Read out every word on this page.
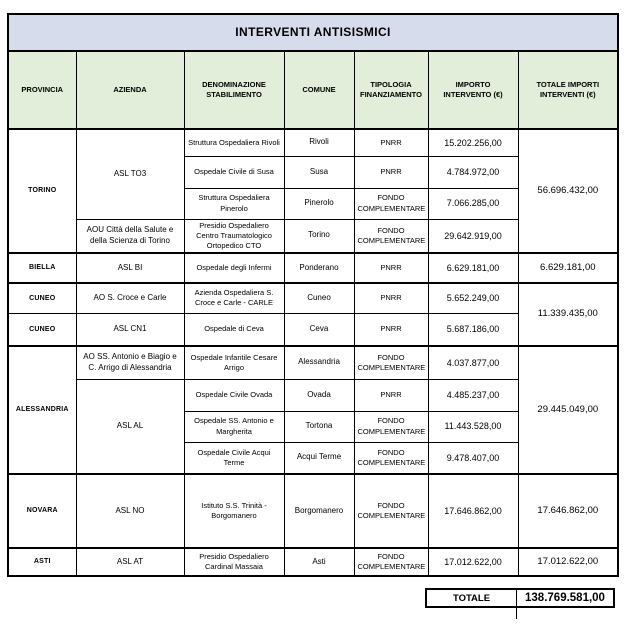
INTERVENTI ANTISISMICI						
PROVINCIA	AZIENDA	DENOMINAZIONE STABILIMENTO	COMUNE	TIPOLOGIA FINANZIAMENTO	IMPORTO INTERVENTO (€)	TOTALE IMPORTI INTERVENTI (€)
TORINO	ASL TO3	Struttura Ospedaliera Rivoli	Rivoli	PNRR	15.202.256,00	56.696.432,00
		Ospedale Civile di Susa	Susa	PNRR	4.784.972,00	
		Struttura Ospedaliera Pinerolo	Pinerolo	FONDO COMPLEMENTARE	7.066.285,00	
	AOU Città della Salute e della Scienza di Torino	Presidio Ospedaliero Centro Traumatologico Ortopedico CTO	Torino	FONDO COMPLEMENTARE	29.642.919,00	
BIELLA	ASL BI	Ospedale degli Infermi	Ponderano	PNRR	6.629.181,00	6.629.181,00
CUNEO	AO S. Croce e Carle	Azienda Ospedaliera S. Croce e Carle - CARLE	Cuneo	PNRR	5.652.249,00	11.339.435,00
CUNEO	ASL CN1	Ospedale di Ceva	Ceva	PNRR	5.687.186,00	
ALESSANDRIA	AO SS. Antonio e Biagio e C. Arrigo di Alessandria	Ospedale Infantile Cesare Arrigo	Alessandria	FONDO COMPLEMENTARE	4.037.877,00	29.445.049,00
	ASL AL	Ospedale Civile Ovada	Ovada	PNRR	4.485.237,00	
		Ospedale SS. Antonio e Margherita	Tortona	FONDO COMPLEMENTARE	11.443.528,00	
		Ospedale Civile Acqui Terme	Acqui Terme	FONDO COMPLEMENTARE	9.478.407,00	
NOVARA	ASL NO	Istituto S.S. Trinità - Borgomanero	Borgomanero	FONDO COMPLEMENTARE	17.646.862,00	17.646.862,00
ASTI	ASL AT	Presidio Ospedaliero Cardinal Massaia	Asti	FONDO COMPLEMENTARE	17.012.622,00	17.012.622,00
TOTALE	138.769.581,00
